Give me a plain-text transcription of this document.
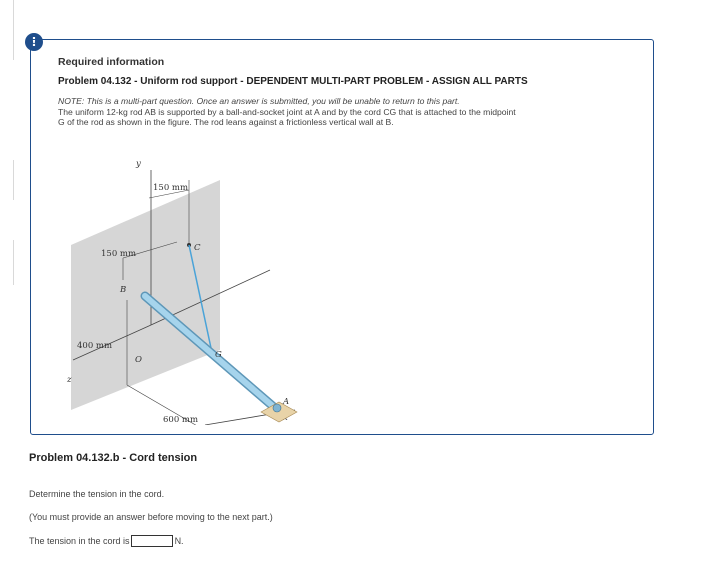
!
Required information
Problem 04.132 - Uniform rod support - DEPENDENT MULTI-PART PROBLEM - ASSIGN ALL PARTS
NOTE: This is a multi-part question. Once an answer is submitted, you will be unable to return to this part.
The uniform 12-kg rod AB is supported by a ball-and-socket joint at A and by the cord CG that is attached to the midpoint
G of the rod as shown in the figure. The rod leans against a frictionless vertical wall at B.
y
z
150 mm
150 mm
C
400 mm
B
O
600 mm
G
A
Problem 04.132.b - Cord tension
Determine the tension in the cord.
(You must provide an answer before moving to the next part.)
The tension in the cord is	N.
